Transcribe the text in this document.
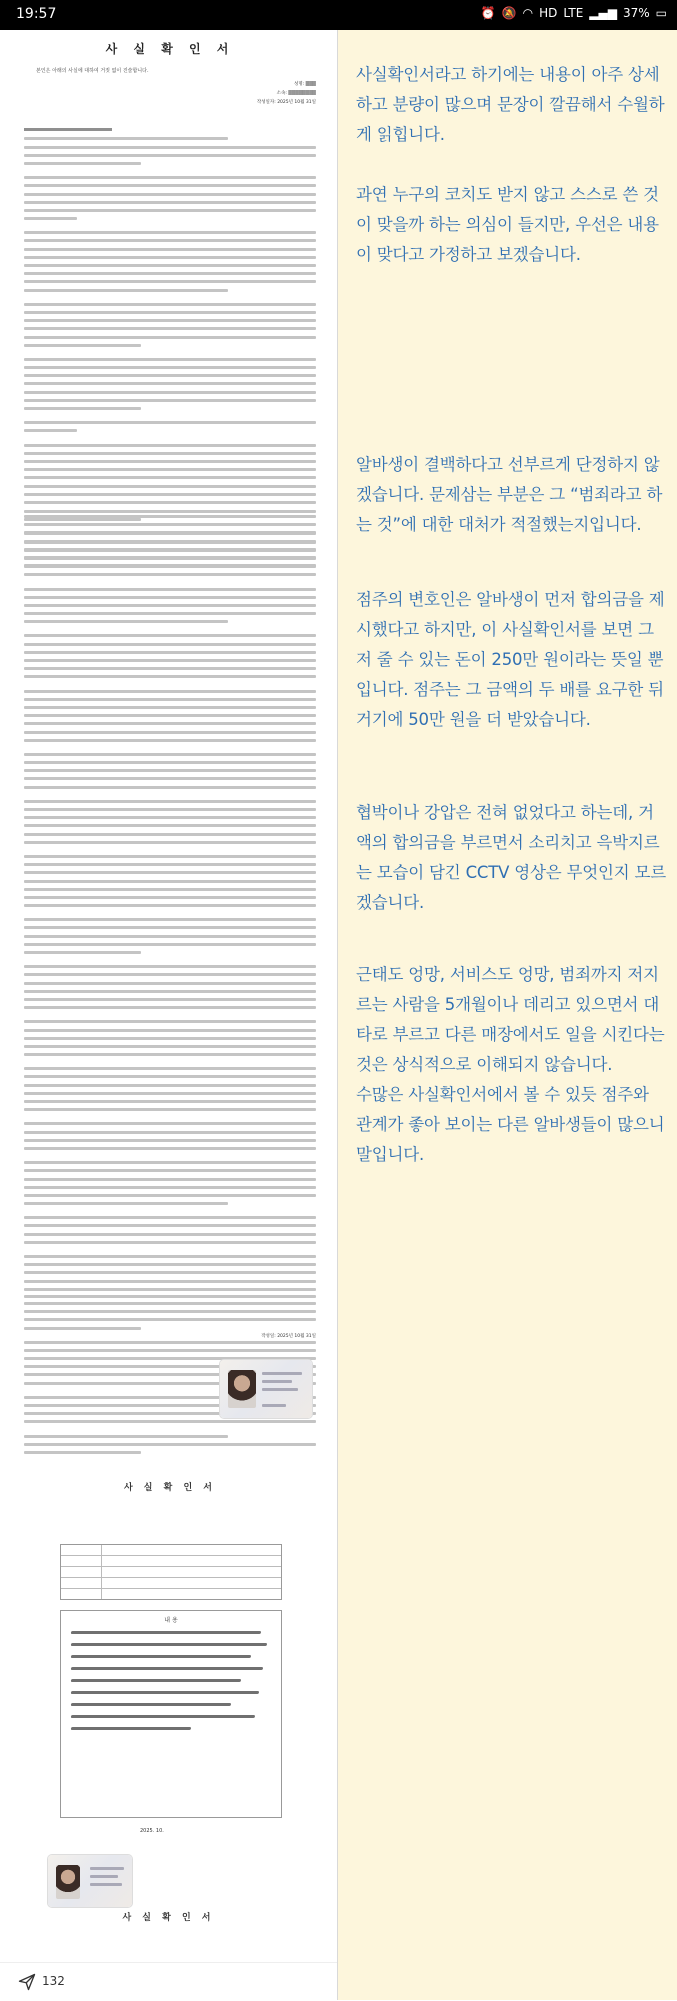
19:57	⏰ 🔕 ◠ HD LTE ▂▄▆ 37% ▭

사 실 확 인 서

본인은 아래의 사실에 대하여 거짓 없이 진술합니다.
성명: ▒▒▒
소속: ▒▒▒▒▒▒▒▒
작성일자: 2025년 10월 31일
작성일: 2025년 10월 31일
사 실 확 인 서
내 용
2025. 10.
사 실 확 인 서
132
사실확인서라고 하기에는 내용이 아주 상세하고 분량이 많으며 문장이 깔끔해서 수월하게 읽힙니다.
과연 누구의 코치도 받지 않고 스스로 쓴 것이 맞을까 하는 의심이 들지만, 우선은 내용이 맞다고 가정하고 보겠습니다.
알바생이 결백하다고 선부르게 단정하지 않겠습니다. 문제삼는 부분은 그 “범죄라고 하는 것”에 대한 대처가 적절했는지입니다.
점주의 변호인은 알바생이 먼저 합의금을 제시했다고 하지만, 이 사실확인서를 보면 그저 줄 수 있는 돈이 250만 원이라는 뜻일 뿐입니다. 점주는 그 금액의 두 배를 요구한 뒤 거기에 50만 원을 더 받았습니다.
협박이나 강압은 전혀 없었다고 하는데, 거액의 합의금을 부르면서 소리치고 윽박지르는 모습이 담긴 CCTV 영상은 무엇인지 모르겠습니다.
근태도 엉망, 서비스도 엉망, 범죄까지 저지르는 사람을 5개월이나 데리고 있으면서 대타로 부르고 다른 매장에서도 일을 시킨다는 것은 상식적으로 이해되지 않습니다.
수많은 사실확인서에서 볼 수 있듯 점주와 관계가 좋아 보이는 다른 알바생들이 많으니 말입니다.
